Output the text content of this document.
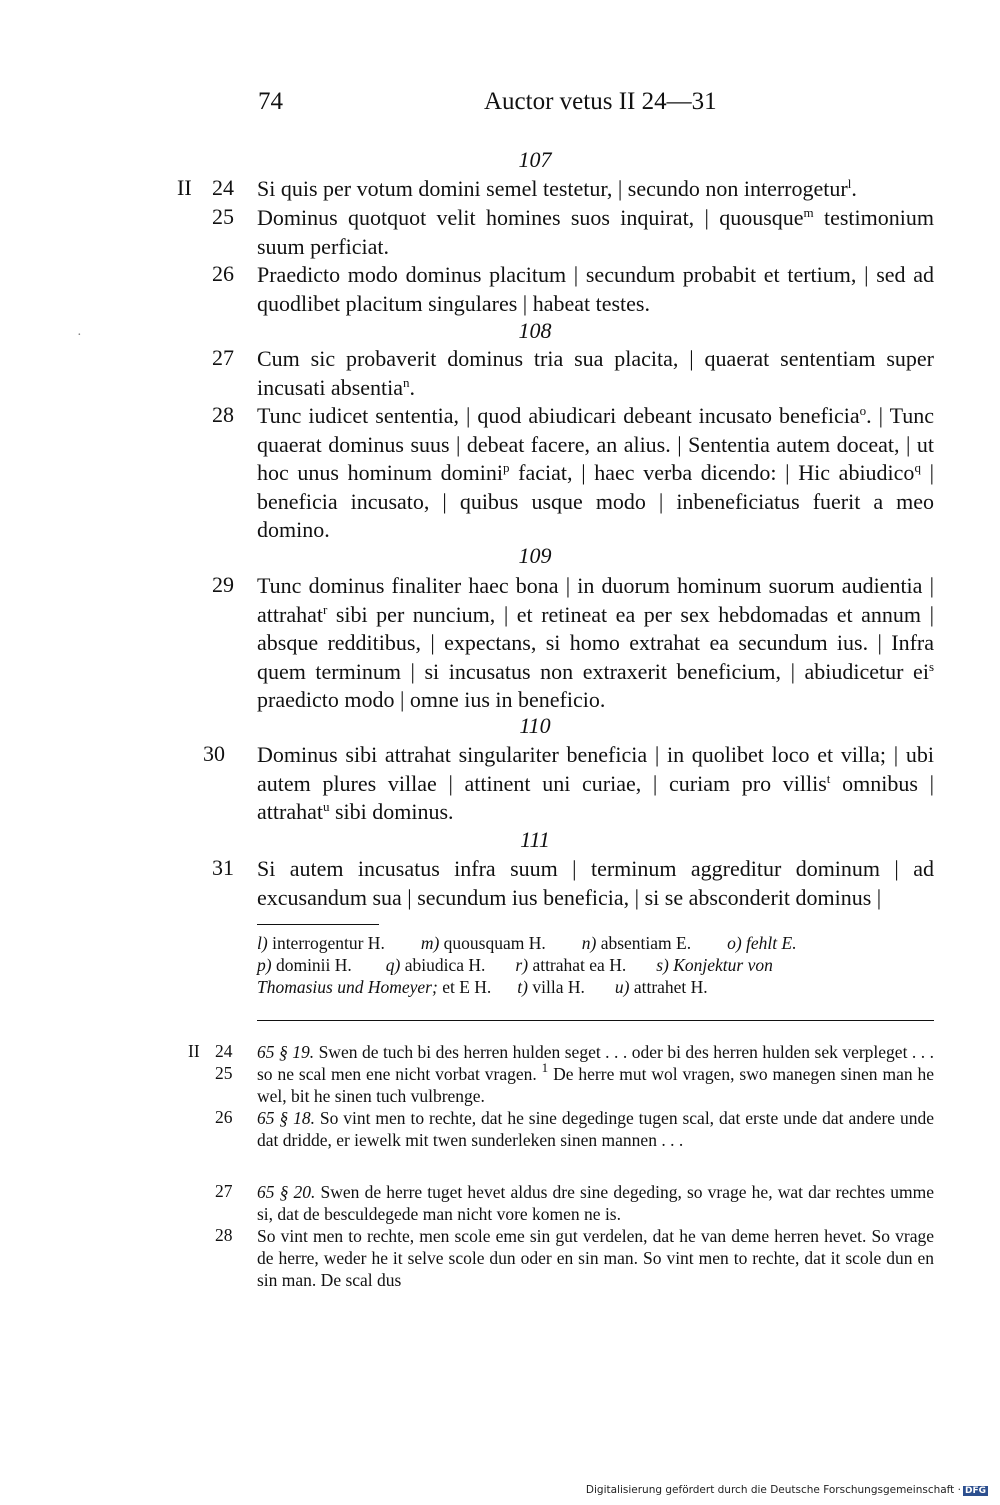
74	Auctor vetus II 24—31
107
108
109
110
111
II 24
25
26
27
28
29
30
31

Si quis per votum domini semel testetur, | secundo non interrogetur$^l$.

Dominus quotquot velit homines suos inquirat, | quousque$^m$ testimonium suum perficiat.

Praedicto modo dominus placitum | secundum probabit et tertium, | sed ad quodlibet placitum singulares | habeat testes.

Cum sic probaverit dominus tria sua placita, | quaerat sententiam super incusati absentia$^n$.

Tunc iudicet sententia, | quod abiudicari debeant incusato beneficia$^o$. | Tunc quaerat dominus suus | debeat facere, an alius. | Sententia autem doceat, | ut hoc unus hominum domini$^p$ faciat, | haec verba dicendo: | Hic abiudico$^q$ | beneficia incusato, | quibus usque modo | inbeneficiatus fuerit a meo domino.

Tunc dominus finaliter haec bona | in duorum hominum suorum audientia | attrahat$^r$ sibi per nuncium, | et retineat ea per sex hebdomadas et annum | absque redditibus, | expectans, si homo extrahat ea secundum ius. | Infra quem terminum | si incusatus non extraxerit beneficium, | abiudicetur $ei^s$ praedicto modo | omne ius in beneficio.

Dominus sibi attrahat singulariter beneficia | in quolibet loco et villa; | ubi autem plures villae | attinent uni curiae, | curiam pro villis$^t$ omnibus | attrahat$^u$ sibi dominus.

Si autem incusatus infra suum | terminum aggreditur dominum | ad excusandum sua | secundum ius beneficia, | si se absconderit dominus |

l) interrogentur H. m) quousquam H. n) absentiam E. o) fehlt E.

p) dominii H. q) abiudica H. r) attrahat ea H. s) Konjektur von

Thomasius und Homeyer; et E H. t) villa H. u) attrahet H.

II 24
25
26
27
28

65 § 19. Swen de tuch bi des herren hulden seget . . . oder bi des herren hulden sek verpleget . . . so ne scal men ene nicht vorbat vragen. $^1$ De herre mut wol vragen, swo manegen sinen man he wel, bit he sinen tuch vulbrenge.

65 § 18. So vint men to rechte, dat he sine degedinge tugen scal, dat erste unde dat andere unde dat dridde, er iewelk mit twen sunderleken sinen mannen . . .

65 § 20. Swen de herre tuget hevet aldus dre sine degeding, so vrage he, wat dar rechtes umme si, dat de besculdegede man nicht vore komen ne is.

So vint men to rechte, men scole eme sin gut verdelen, dat he van deme herren hevet. So vrage de herre, weder he it selve scole dun oder en sin man. So vint men to rechte, dat it scole dun en sin man. De scal dus

·
Digitalisierung gefördert durch die Deutsche Forschungsgemeinschaft · DFG
